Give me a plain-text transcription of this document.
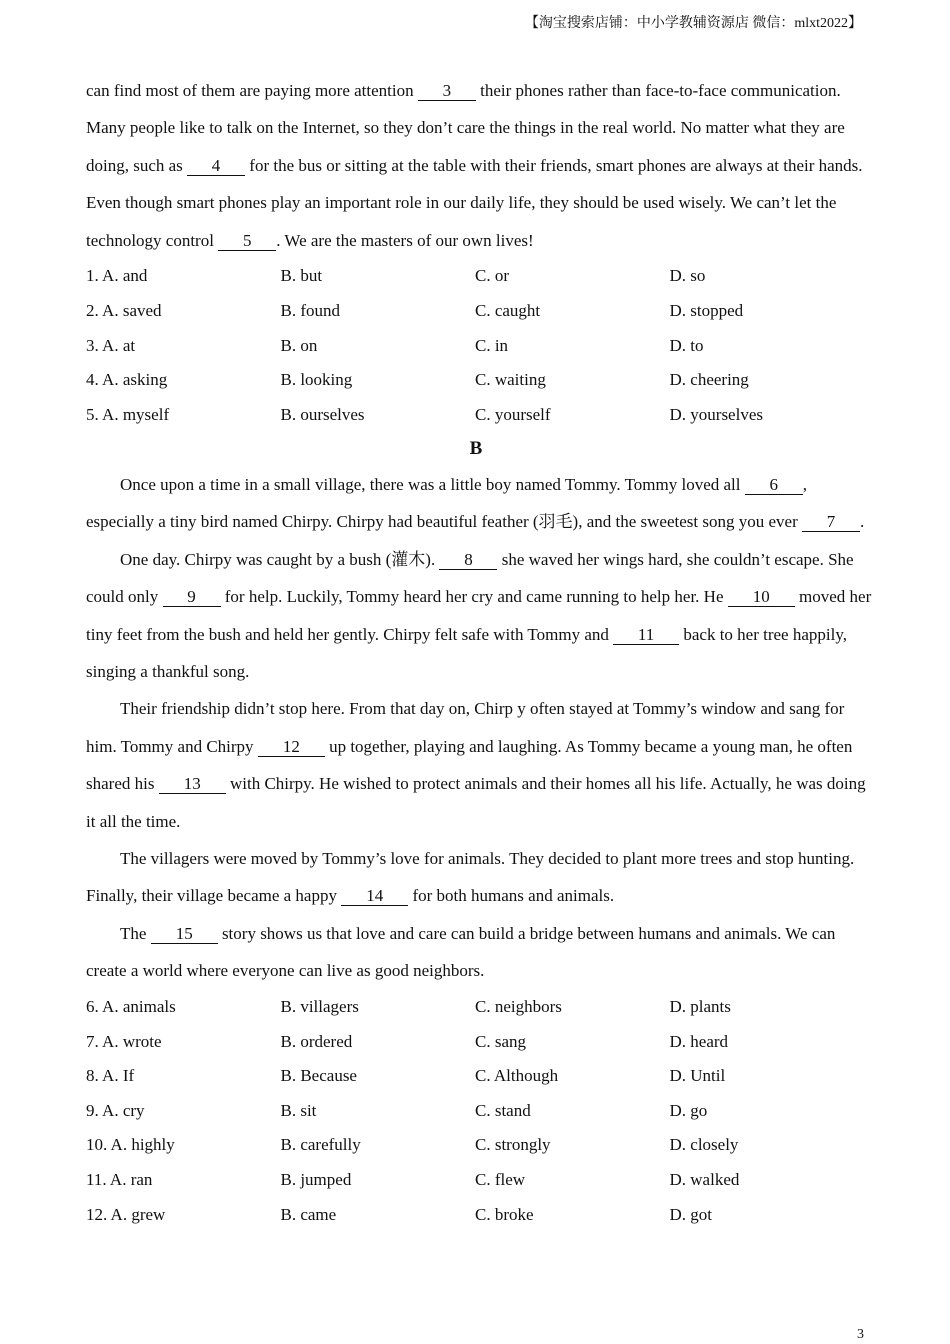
【淘宝搜索店铺：中小学教辅资源店 微信：mlxt2022】
can find most of them are paying more attention 3 their phones rather than face-to-face communication.
Many people like to talk on the Internet, so they don’t care the things in the real world. No matter what they are
doing, such as 4 for the bus or sitting at the table with their friends, smart phones are always at their hands.
Even though smart phones play an important role in our daily life, they should be used wisely. We can’t let the
technology control 5 . We are the masters of our own lives!
1. A. and	B. but	C. or	D. so
2. A. saved	B. found	C. caught	D. stopped
3. A. at	B. on	C. in	D. to
4. A. asking	B. looking	C. waiting	D. cheering
5. A. myself	B. ourselves	C. yourself	D. yourselves
B
Once upon a time in a small village, there was a little boy named Tommy. Tommy loved all 6 ,
especially a tiny bird named Chirpy. Chirpy had beautiful feather (羽毛), and the sweetest song you ever 7 .
One day. Chirpy was caught by a bush (灌木). 8 she waved her wings hard, she couldn’t escape. She
could only 9 for help. Luckily, Tommy heard her cry and came running to help her. He 10 moved her
tiny feet from the bush and held her gently. Chirpy felt safe with Tommy and 11 back to her tree happily,
singing a thankful song.
Their friendship didn’t stop here. From that day on, Chirp y often stayed at Tommy’s window and sang for
him. Tommy and Chirpy 12 up together, playing and laughing. As Tommy became a young man, he often
shared his 13 with Chirpy. He wished to protect animals and their homes all his life. Actually, he was doing
it all the time.
The villagers were moved by Tommy’s love for animals. They decided to plant more trees and stop hunting.
Finally, their village became a happy 14 for both humans and animals.
The 15 story shows us that love and care can build a bridge between humans and animals. We can
create a world where everyone can live as good neighbors.
6. A. animals	B. villagers	C. neighbors	D. plants
7. A. wrote	B. ordered	C. sang	D. heard
8. A. If	B. Because	C. Although	D. Until
9. A. cry	B. sit	C. stand	D. go
10. A. highly	B. carefully	C. strongly	D. closely
11. A. ran	B. jumped	C. flew	D. walked
12. A. grew	B. came	C. broke	D. got
3
